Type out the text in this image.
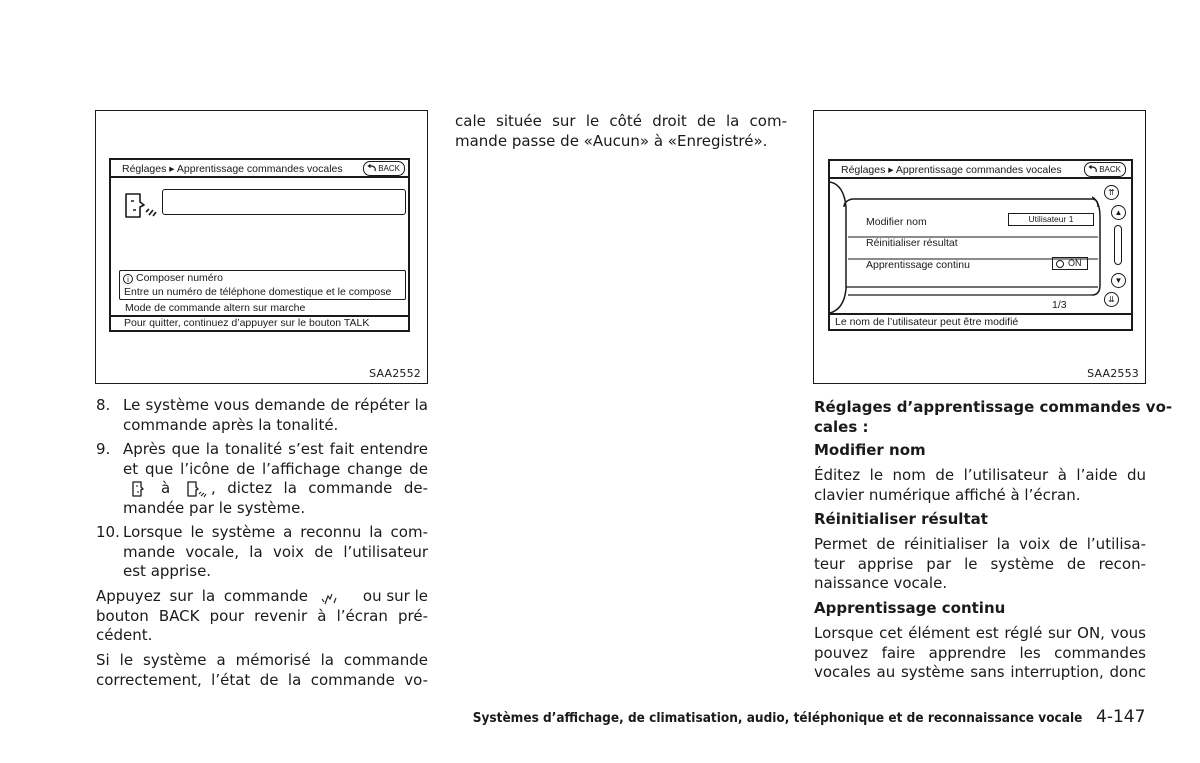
Réglages ▸ Apprentissage commandes vocales	BACK
i Composer numéro
Entre un numéro de téléphone domestique et le compose
Mode de commande altern sur marche
Pour quitter, continuez d’appuyer sur le bouton TALK
SAA2552
Réglages ▸ Apprentissage commandes vocales	BACK
Modifier nom	Utilisateur 1
Réinitialiser résultat
Apprentissage continu	ON
1/3
⇈
▲
▼
⇊
Le nom de l’utilisateur peut être modifié
SAA2553
8. Le système vous demande de répéter la
commande après la tonalité.
9. Après que la tonalité s’est fait entendre
et que l’icône de l’affichage change de
à	, dictez la commande de-
mandée par le système.
10. Lorsque le système a reconnu la com-
mande vocale, la voix de l’utilisateur
est apprise.
Appuyez sur la commande	ou sur le
bouton BACK pour revenir à l’écran pré-
cédent.
Si le système a mémorisé la commande
correctement, l’état de la commande vo-
cale située sur le côté droit de la com-
mande passe de «Aucun» à «Enregistré».
Réglages d’apprentissage commandes vo-
cales :
Modifier nom
Éditez le nom de l’utilisateur à l’aide du
clavier numérique affiché à l’écran.
Réinitialiser résultat
Permet de réinitialiser la voix de l’utilisa-
teur apprise par le système de recon-
naissance vocale.
Apprentissage continu
Lorsque cet élément est réglé sur ON, vous
pouvez faire apprendre les commandes
vocales au système sans interruption, donc
Systèmes d’affichage, de climatisation, audio, téléphonique et de reconnaissance vocale 4-147
